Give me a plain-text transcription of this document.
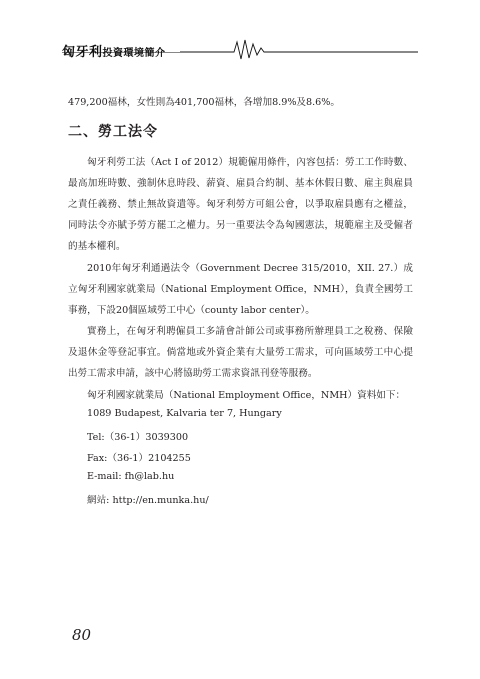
匈牙利投資環境簡介

479,200福林，女性則為401,700福林，各增加8.9%及8.6%。

二、勞工法令

匈牙利勞工法（Act I of 2012）規範僱用條件，內容包括：勞工工作時數、最高加班時數、強制休息時段、薪資、雇員合約制、基本休假日數、雇主與雇員之責任義務、禁止無故資遣等。匈牙利勞方可組公會，以爭取雇員應有之權益，同時法令亦賦予勞方罷工之權力。另一重要法令為匈國憲法，規範雇主及受僱者的基本權利。

2010年匈牙利通過法令（Government Decree 315/2010，XII. 27.）成立匈牙利國家就業局（National Employment Office，NMH），負責全國勞工事務，下設20個區域勞工中心（county labor center）。

實務上，在匈牙利聘僱員工多請會計師公司或事務所辦理員工之稅務、保險及退休金等登記事宜。倘當地或外資企業有大量勞工需求，可向區域勞工中心提出勞工需求申請，該中心將協助勞工需求資訊刊登等服務。

匈牙利國家就業局（National Employment Office，NMH）資料如下：

1089 Budapest, Kalvaria ter 7, Hungary

Tel:（36-1）3039300

Fax:（36-1）2104255

E-mail: fh@lab.hu

網站: http://en.munka.hu/

80
